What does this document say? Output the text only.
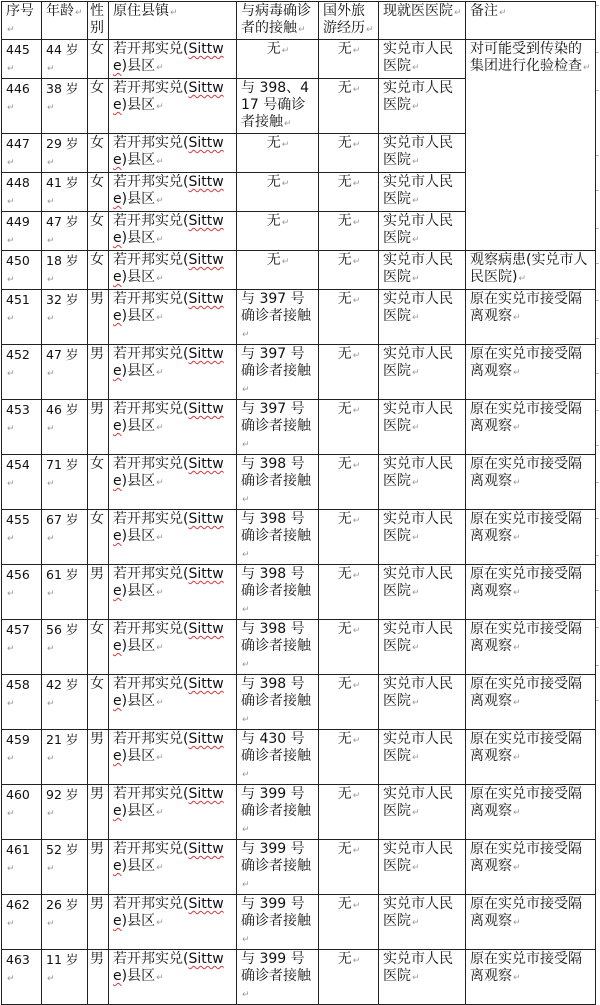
序号 ↵	年龄 ↵	性别	原住县镇 ↵	与病毒确诊者的接触 ↵	国外旅游经历 ↵	现就医医院 ↵	备注 ↵
445 ↵	44 岁 ↵	女	若开邦实兑(Sittwe)县区 ↵	无 ↵	无 ↵	实兑市人民医院 ↵	对可能受到传染的集团进行化验检查 ↵
446 ↵	38 岁 ↵	女	若开邦实兑(Sittwe)县区 ↵	与 398、417 号确诊者接触 ↵	无 ↵	实兑市人民医院 ↵
447 ↵	29 岁 ↵	女	若开邦实兑(Sittwe)县区 ↵	无 ↵	无 ↵	实兑市人民医院 ↵
448 ↵	41 岁 ↵	女	若开邦实兑(Sittwe)县区 ↵	无 ↵	无 ↵	实兑市人民医院 ↵
449 ↵	47 岁 ↵	女	若开邦实兑(Sittwe)县区 ↵	无 ↵	无 ↵	实兑市人民医院 ↵
450 ↵	18 岁 ↵	女	若开邦实兑(Sittwe)县区 ↵	无 ↵	无 ↵	实兑市人民医院 ↵	观察病患(实兑市人民医院) ↵
451 ↵	32 岁 ↵	男	若开邦实兑(Sittwe)县区 ↵	与 397 号确诊者接触 ↵	无 ↵	实兑市人民医院 ↵	原在实兑市接受隔离观察 ↵
452 ↵	47 岁 ↵	男	若开邦实兑(Sittwe)县区 ↵	与 397 号确诊者接触 ↵	无 ↵	实兑市人民医院 ↵	原在实兑市接受隔离观察 ↵
453 ↵	46 岁 ↵	男	若开邦实兑(Sittwe)县区 ↵	与 397 号确诊者接触 ↵	无 ↵	实兑市人民医院 ↵	原在实兑市接受隔离观察 ↵
454 ↵	71 岁 ↵	女	若开邦实兑(Sittwe)县区 ↵	与 398 号确诊者接触 ↵	无 ↵	实兑市人民医院 ↵	原在实兑市接受隔离观察 ↵
455 ↵	67 岁 ↵	女	若开邦实兑(Sittwe)县区 ↵	与 398 号确诊者接触 ↵	无 ↵	实兑市人民医院 ↵	原在实兑市接受隔离观察 ↵
456 ↵	61 岁 ↵	男	若开邦实兑(Sittwe)县区 ↵	与 398 号确诊者接触 ↵	无 ↵	实兑市人民医院 ↵	原在实兑市接受隔离观察 ↵
457 ↵	56 岁 ↵	女	若开邦实兑(Sittwe)县区 ↵	与 398 号确诊者接触 ↵	无 ↵	实兑市人民医院 ↵	原在实兑市接受隔离观察 ↵
458 ↵	42 岁 ↵	女	若开邦实兑(Sittwe)县区 ↵	与 398 号确诊者接触 ↵	无 ↵	实兑市人民医院 ↵	原在实兑市接受隔离观察 ↵
459 ↵	21 岁 ↵	男	若开邦实兑(Sittwe)县区 ↵	与 430 号确诊者接触 ↵	无 ↵	实兑市人民医院 ↵	原在实兑市接受隔离观察 ↵
460 ↵	92 岁 ↵	男	若开邦实兑(Sittwe)县区 ↵	与 399 号确诊者接触 ↵	无 ↵	实兑市人民医院 ↵	原在实兑市接受隔离观察 ↵
461 ↵	52 岁 ↵	男	若开邦实兑(Sittwe)县区 ↵	与 399 号确诊者接触 ↵	无 ↵	实兑市人民医院 ↵	原在实兑市接受隔离观察 ↵
462 ↵	26 岁 ↵	男	若开邦实兑(Sittwe)县区 ↵	与 399 号确诊者接触 ↵	无 ↵	实兑市人民医院 ↵	原在实兑市接受隔离观察 ↵
463 ↵	11 岁 ↵	男	若开邦实兑(Sittwe)县区 ↵	与 399 号确诊者接触 ↵	无 ↵	实兑市人民医院 ↵	原在实兑市接受隔离观察 ↵
